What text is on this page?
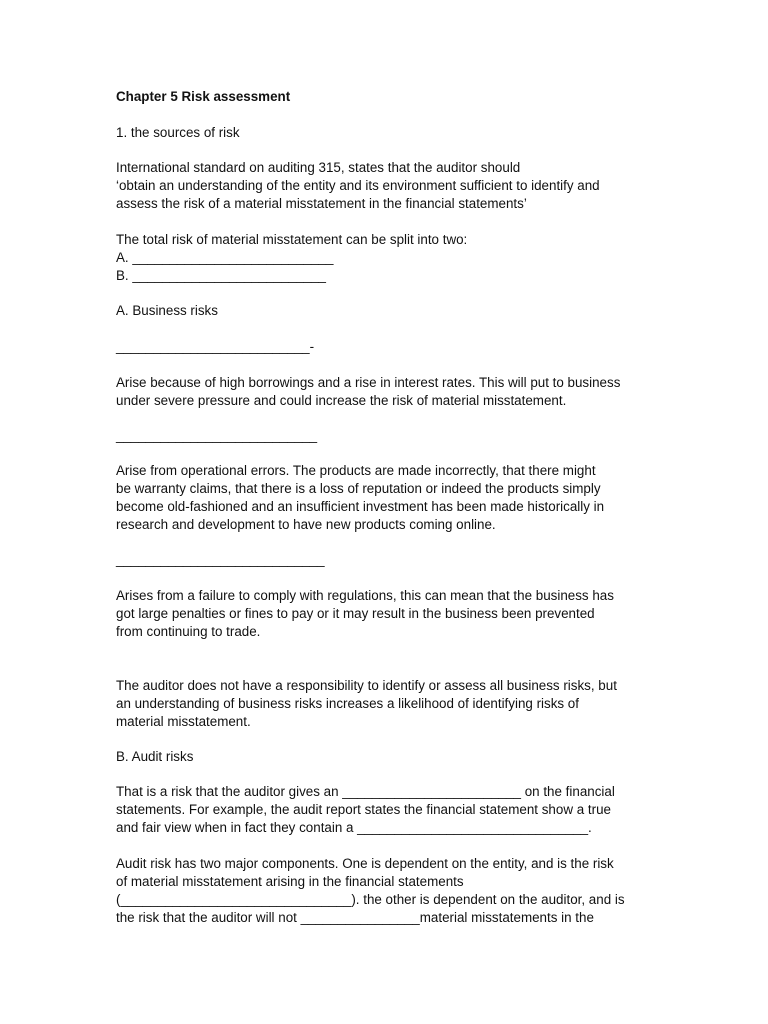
Chapter 5 Risk assessment
1. the sources of risk
International standard on auditing 315, states that the auditor should
‘obtain an understanding of the entity and its environment sufficient to identify and
assess the risk of a material misstatement in the financial statements’
The total risk of material misstatement can be split into two:
A. ___________________________
B. __________________________
A. Business risks
__________________________-
Arise because of high borrowings and a rise in interest rates. This will put to business
under severe pressure and could increase the risk of material misstatement.
___________________________
Arise from operational errors. The products are made incorrectly, that there might
be warranty claims, that there is a loss of reputation or indeed the products simply
become old-fashioned and an insufficient investment has been made historically in
research and development to have new products coming online.
____________________________
Arises from a failure to comply with regulations, this can mean that the business has
got large penalties or fines to pay or it may result in the business been prevented
from continuing to trade.
The auditor does not have a responsibility to identify or assess all business risks, but
an understanding of business risks increases a likelihood of identifying risks of
material misstatement.
B. Audit risks
That is a risk that the auditor gives an ________________________ on the financial
statements. For example, the audit report states the financial statement show a true
and fair view when in fact they contain a _______________________________.
Audit risk has two major components. One is dependent on the entity, and is the risk
of material misstatement arising in the financial statements
(_______________________________). the other is dependent on the auditor, and is
the risk that the auditor will not ________________material misstatements in the
